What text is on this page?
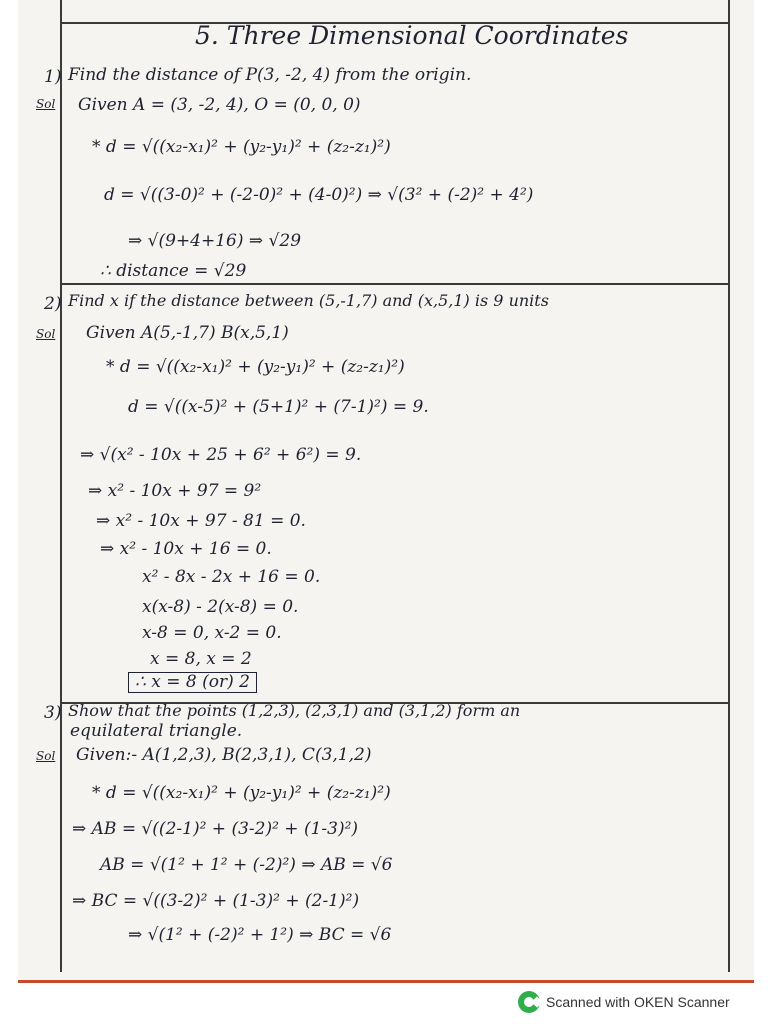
5. Three Dimensional Coordinates
1) Find the distance of P(3, -2, 4) from the origin.
Sol Given A = (3, -2, 4), O = (0, 0, 0)
* d = √((x₂-x₁)² + (y₂-y₁)² + (z₂-z₁)²)
d = √((3-0)² + (-2-0)² + (4-0)²) ⇒ √(3² + (-2)² + 4²)
⇒ √(9+4+16) ⇒ √29
∴ distance = √29
2) Find x if the distance between (5,-1,7) and (x,5,1) is 9 units
Sol Given A(5,-1,7) B(x,5,1)
* d = √((x₂-x₁)² + (y₂-y₁)² + (z₂-z₁)²)
d = √((x-5)² + (5+1)² + (7-1)²) = 9.
⇒ √(x² - 10x + 25 + 6² + 6²) = 9.
⇒ x² - 10x + 97 = 9²
⇒ x² - 10x + 97 - 81 = 0.
⇒ x² - 10x + 16 = 0.
x² - 8x - 2x + 16 = 0.
x(x-8) - 2(x-8) = 0.
x-8 = 0, x-2 = 0.
x = 8, x = 2
∴ x = 8 (or) 2
3) Show that the points (1,2,3), (2,3,1) and (3,1,2) form an
equilateral triangle.
Sol Given:- A(1,2,3), B(2,3,1), C(3,1,2)
* d = √((x₂-x₁)² + (y₂-y₁)² + (z₂-z₁)²)
⇒ AB = √((2-1)² + (3-2)² + (1-3)²)
AB = √(1² + 1² + (-2)²) ⇒ AB = √6
⇒ BC = √((3-2)² + (1-3)² + (2-1)²)
⇒ √(1² + (-2)² + 1²) ⇒ BC = √6
Scanned with OKEN Scanner
